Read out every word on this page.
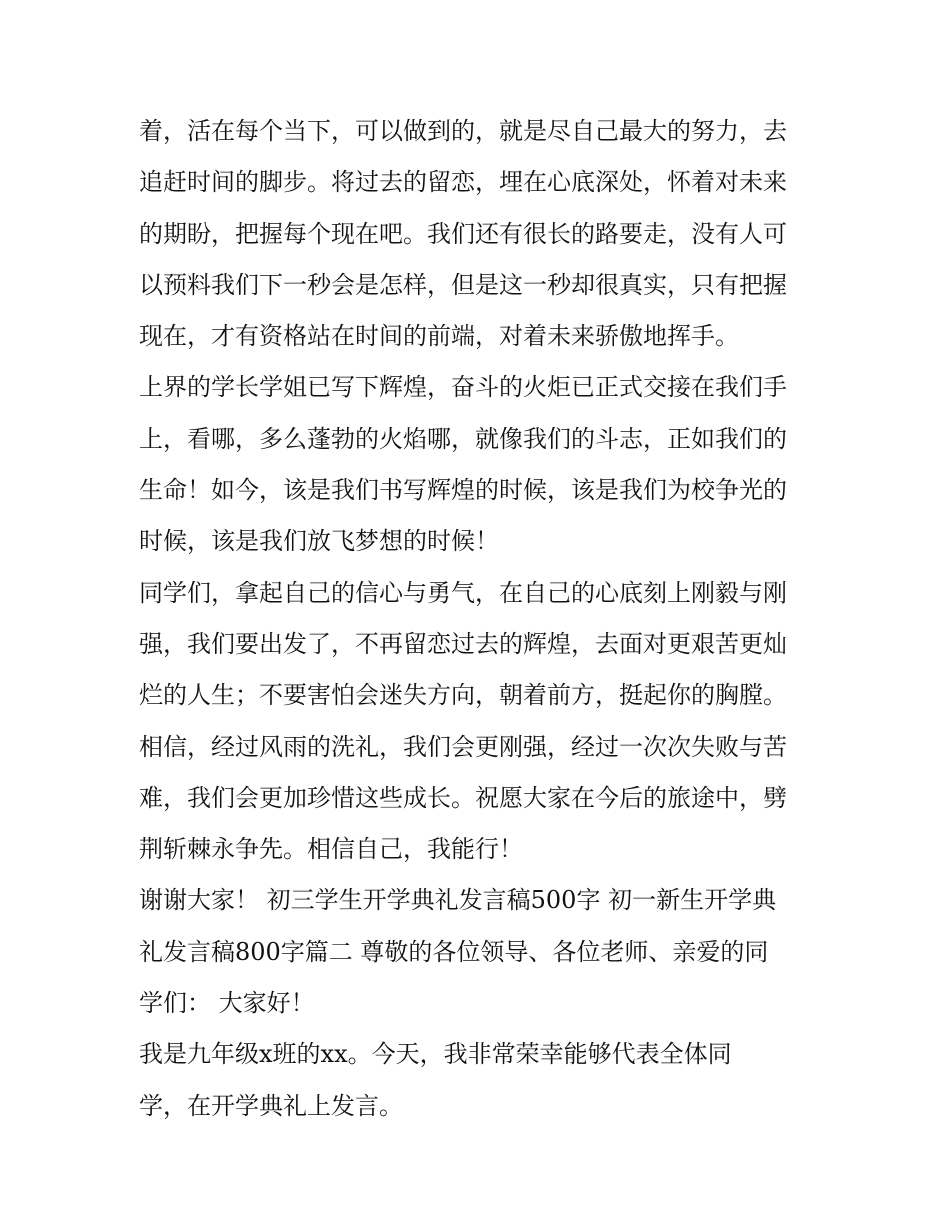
着，活在每个当下，可以做到的，就是尽自己最大的努力，去
追赶时间的脚步。将过去的留恋，埋在心底深处，怀着对未来
的期盼，把握每个现在吧。我们还有很长的路要走，没有人可
以预料我们下一秒会是怎样，但是这一秒却很真实，只有把握
现在，才有资格站在时间的前端，对着未来骄傲地挥手。
上界的学长学姐已写下辉煌，奋斗的火炬已正式交接在我们手
上，看哪，多么蓬勃的火焰哪，就像我们的斗志，正如我们的
生命！如今，该是我们书写辉煌的时候，该是我们为校争光的
时候，该是我们放飞梦想的时候！
同学们，拿起自己的信心与勇气，在自己的心底刻上刚毅与刚
强，我们要出发了，不再留恋过去的辉煌，去面对更艰苦更灿
烂的人生；不要害怕会迷失方向，朝着前方，挺起你的胸膛。
相信，经过风雨的洗礼，我们会更刚强，经过一次次失败与苦
难，我们会更加珍惜这些成长。祝愿大家在今后的旅途中，劈
荆斩棘永争先。相信自己，我能行！
谢谢大家！ 初三学生开学典礼发言稿500字 初一新生开学典
礼发言稿800字篇二 尊敬的各位领导、各位老师、亲爱的同
学们： 大家好！
我是九年级x班的xx。今天，我非常荣幸能够代表全体同
学，在开学典礼上发言。
